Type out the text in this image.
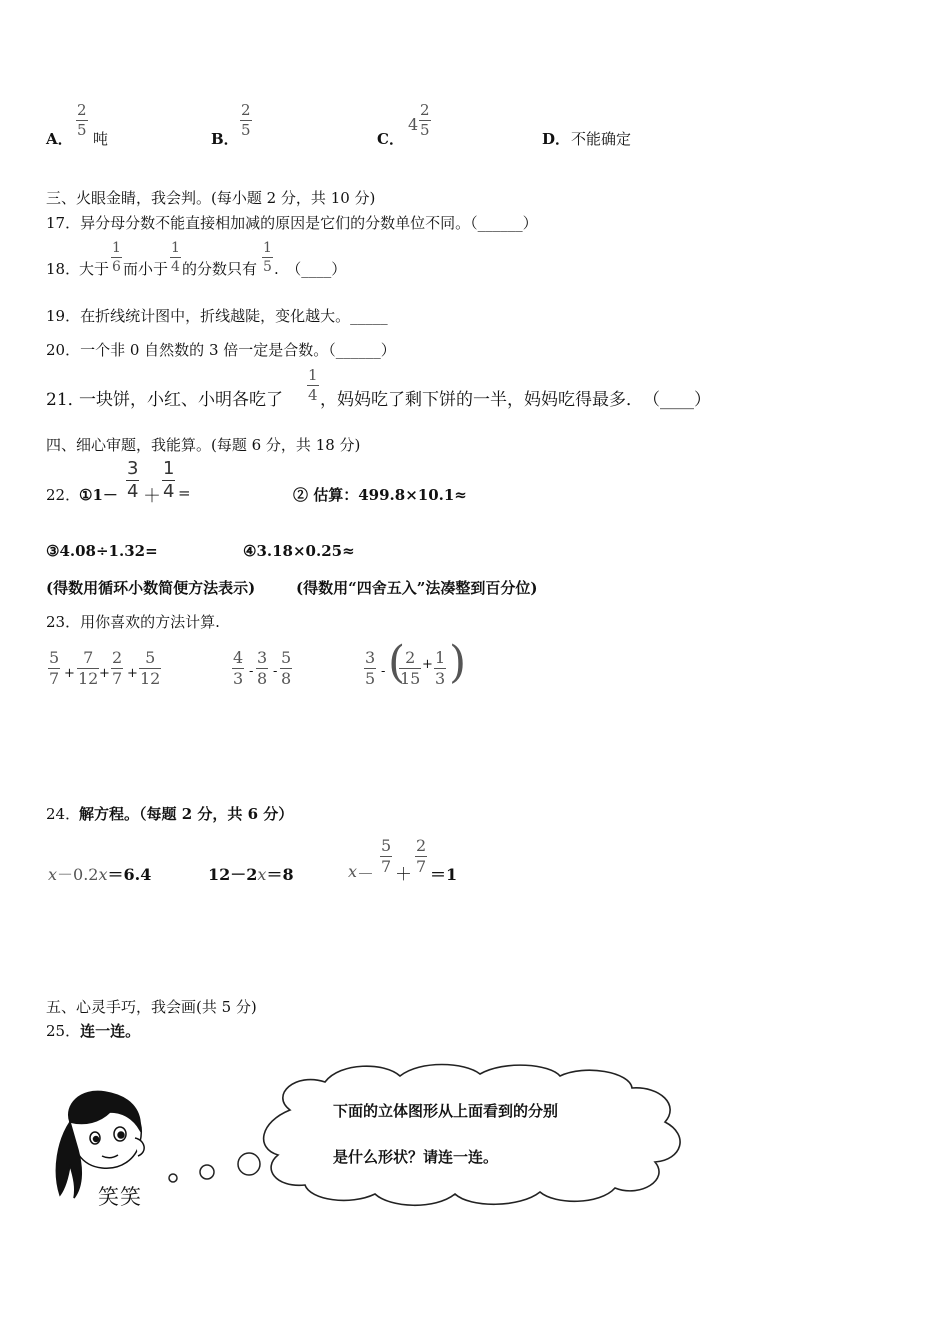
A．
2
5 吨	B．
2
5	C．
4
2
5	D． 不能确定
三、火眼金睛，我会判。(每小题 2 分，共 10 分)
17．异分母分数不能直接相加减的原因是它们的分数单位不同。（______）
18．
大于
1
6 而小于
1
4 的分数只有
1
5 .　（____）
19．在折线统计图中，折线越陡，变化越大。_____
20．一个非 0 自然数的 3 倍一定是合数。（______）
21．
一块饼，小红、小明各吃了
1
4 ，妈妈吃了剩下饼的一半，妈妈吃得最多．　（____）
四、细心审题，我能算。(每题 6 分，共 18 分)
22．
①1－
3
4 ＋
1
4 =	② 估算：499.8×10.1≈
③4.08÷1.32=	④3.18×0.25≈
(得数用循环小数简便方法表示)	(得数用“四舍五入”法凑整到百分位)
23．用你喜欢的方法计算.
5
7 +
7
12 +
2
7 +
5
12
4
3 -
3
8 -
5
8
3
5 - ( 2
15
+ 1
3 )
24．
解方程。（每题 2 分，共 6 分）
x－0.2x＝6.4	12－2x＝8	x －
5
7 ＋
2
7 ＝1
五、心灵手巧，我会画(共 5 分)
25．连一连。
笑笑
下面的立体图形从上面看到的分别
是什么形状？请连一连。
